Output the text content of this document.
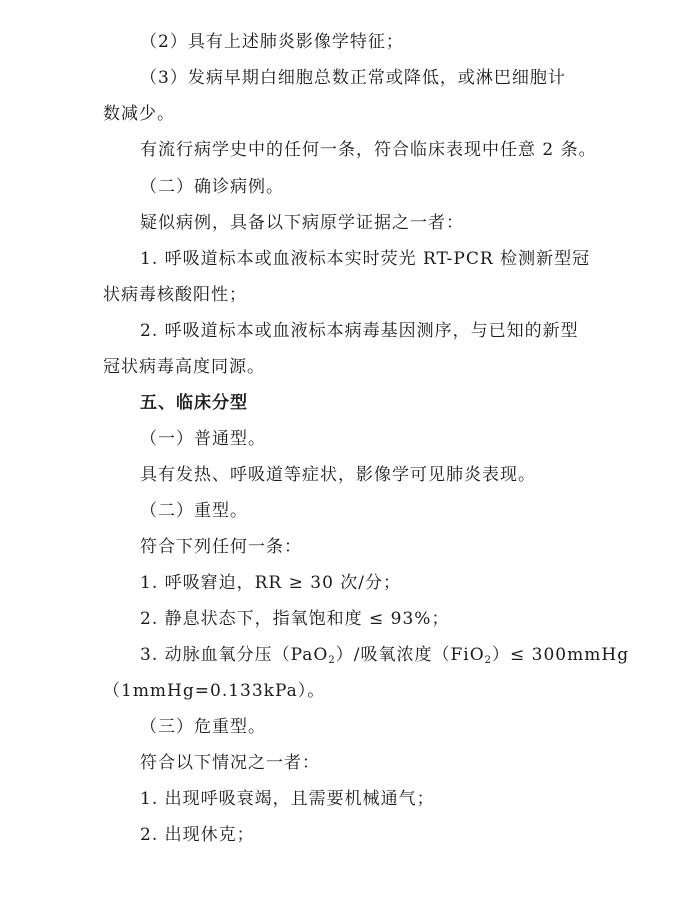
（2）具有上述肺炎影像学特征；
（3）发病早期白细胞总数正常或降低，或淋巴细胞计
数减少。
有流行病学史中的任何一条，符合临床表现中任意 2 条。
（二）确诊病例。
疑似病例，具备以下病原学证据之一者：
1. 呼吸道标本或血液标本实时荧光 RT-PCR 检测新型冠
状病毒核酸阳性；
2. 呼吸道标本或血液标本病毒基因测序，与已知的新型
冠状病毒高度同源。
五、临床分型
（一）普通型。
具有发热、呼吸道等症状，影像学可见肺炎表现。
（二）重型。
符合下列任何一条：
1. 呼吸窘迫，RR ≥ 30 次/分；
2. 静息状态下，指氧饱和度 ≤ 93%；
3. 动脉血氧分压（PaO$_2$）/吸氧浓度（FiO$_2$）≤ 300mmHg
（1mmHg=0.133kPa）。
（三）危重型。
符合以下情况之一者：
1. 出现呼吸衰竭，且需要机械通气；
2. 出现休克；
